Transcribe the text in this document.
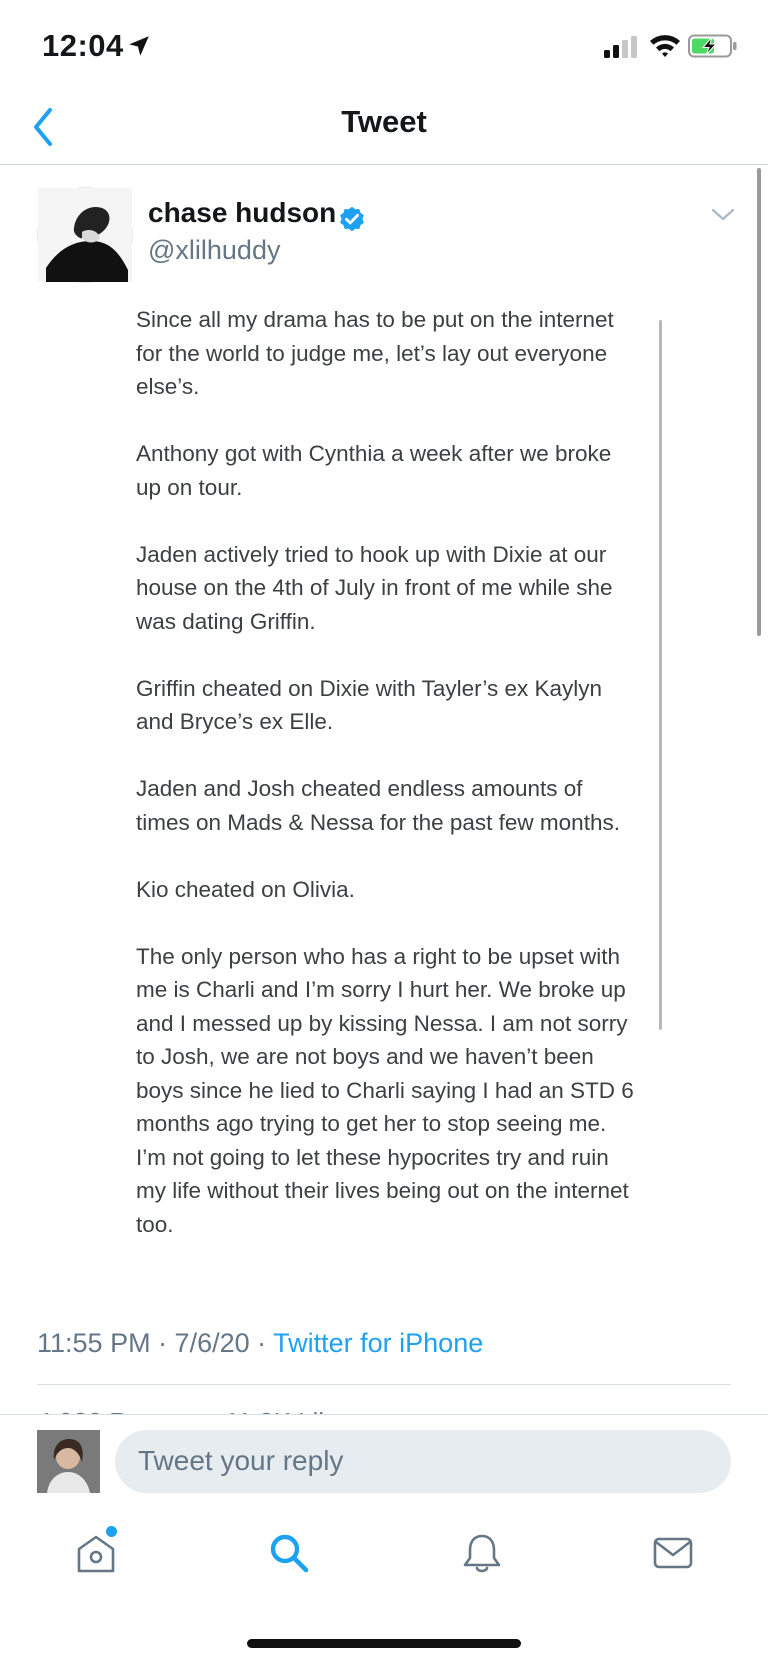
12:04
Tweet
chase hudson
@xlilhuddy

Since all my drama has to be put on the internet for the world to judge me, let’s lay out everyone else’s.

Anthony got with Cynthia a week after we broke up on tour.

Jaden actively tried to hook up with Dixie at our house on the 4th of July in front of me while she was dating Griffin.

Griffin cheated on Dixie with Tayler’s ex Kaylyn and Bryce’s ex Elle.

Jaden and Josh cheated endless amounts of times on Mads & Nessa for the past few months.

Kio cheated on Olivia.

The only person who has a right to be upset with me is Charli and I’m sorry I hurt her. We broke up and I messed up by kissing Nessa. I am not sorry to Josh, we are not boys and we haven’t been boys since he lied to Charli saying I had an STD 6 months ago trying to get her to stop seeing me. I’m not going to let these hypocrites try and ruin my life without their lives being out on the internet too.

11:55 PM · 7/6/20 · Twitter for iPhone
Tweet your reply
